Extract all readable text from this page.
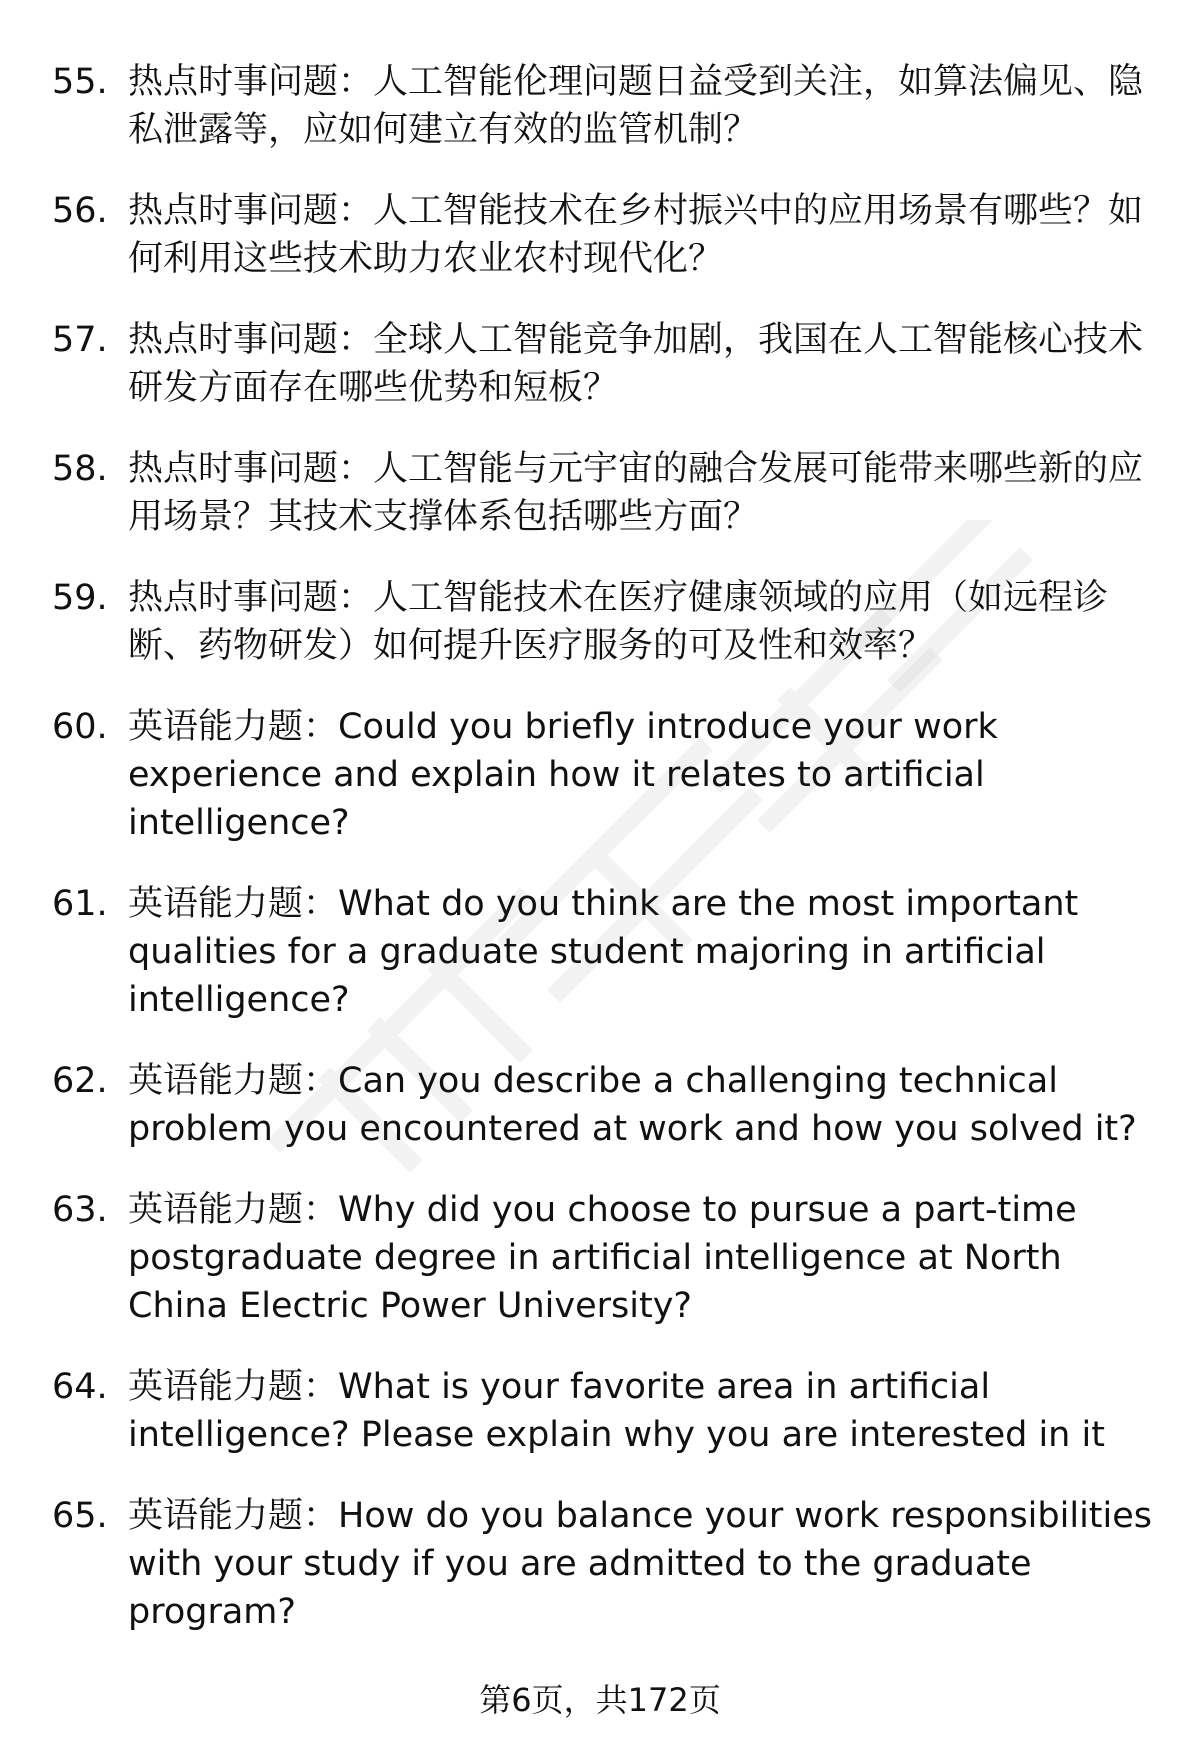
55. 热点时事问题：人工智能伦理问题日益受到关注，如算法偏见、隐私泄露等，应如何建立有效的监管机制？
56. 热点时事问题：人工智能技术在乡村振兴中的应用场景有哪些？如何利用这些技术助力农业农村现代化？
57. 热点时事问题：全球人工智能竞争加剧，我国在人工智能核心技术研发方面存在哪些优势和短板？
58. 热点时事问题：人工智能与元宇宙的融合发展可能带来哪些新的应用场景？其技术支撑体系包括哪些方面？
59. 热点时事问题：人工智能技术在医疗健康领域的应用（如远程诊断、药物研发）如何提升医疗服务的可及性和效率？
60. 英语能力题：Could you briefly introduce your work experience and explain how it relates to artificial intelligence?
61. 英语能力题：What do you think are the most important qualities for a graduate student majoring in artificial intelligence?
62. 英语能力题：Can you describe a challenging technical problem you encountered at work and how you solved it?
63. 英语能力题：Why did you choose to pursue a part-time postgraduate degree in artificial intelligence at North China Electric Power University?
64. 英语能力题：What is your favorite area in artificial intelligence? Please explain why you are interested in it
65. 英语能力题：How do you balance your work responsibilities with your study if you are admitted to the graduate program?
第6页，共172页
